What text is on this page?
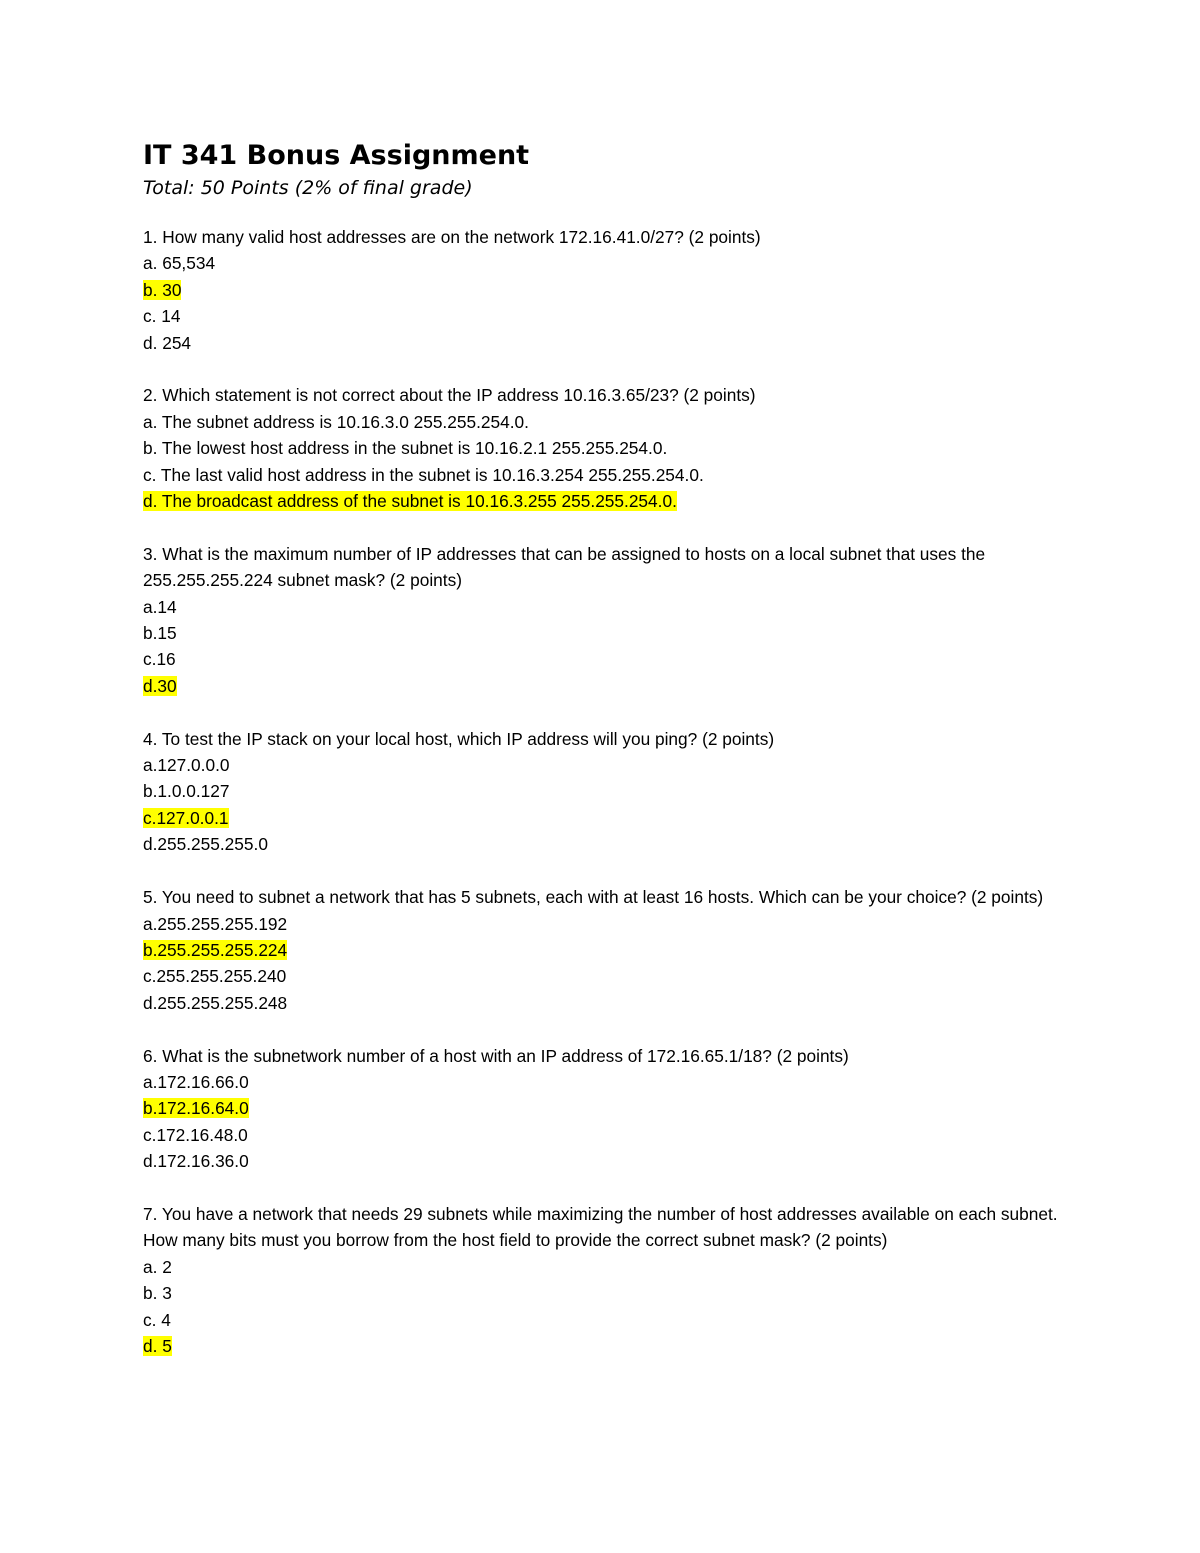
IT 341 Bonus Assignment

Total: 50 Points (2% of final grade)

1. How many valid host addresses are on the network 172.16.41.0/27? (2 points)

a. 65,534

b. 30

c. 14

d. 254

2. Which statement is not correct about the IP address 10.16.3.65/23? (2 points)

a. The subnet address is 10.16.3.0 255.255.254.0.

b. The lowest host address in the subnet is 10.16.2.1 255.255.254.0.

c. The last valid host address in the subnet is 10.16.3.254 255.255.254.0.

d. The broadcast address of the subnet is 10.16.3.255 255.255.254.0.

3. What is the maximum number of IP addresses that can be assigned to hosts on a local subnet that uses the 255.255.255.224 subnet mask? (2 points)

a.14

b.15

c.16

d.30

4. To test the IP stack on your local host, which IP address will you ping? (2 points)

a.127.0.0.0

b.1.0.0.127

c.127.0.0.1

d.255.255.255.0

5. You need to subnet a network that has 5 subnets, each with at least 16 hosts. Which can be your choice? (2 points)

a.255.255.255.192

b.255.255.255.224

c.255.255.255.240

d.255.255.255.248

6. What is the subnetwork number of a host with an IP address of 172.16.65.1/18? (2 points)

a.172.16.66.0

b.172.16.64.0

c.172.16.48.0

d.172.16.36.0

7. You have a network that needs 29 subnets while maximizing the number of host addresses available on each subnet. How many bits must you borrow from the host field to provide the correct subnet mask? (2 points)

a. 2

b. 3

c. 4

d. 5
